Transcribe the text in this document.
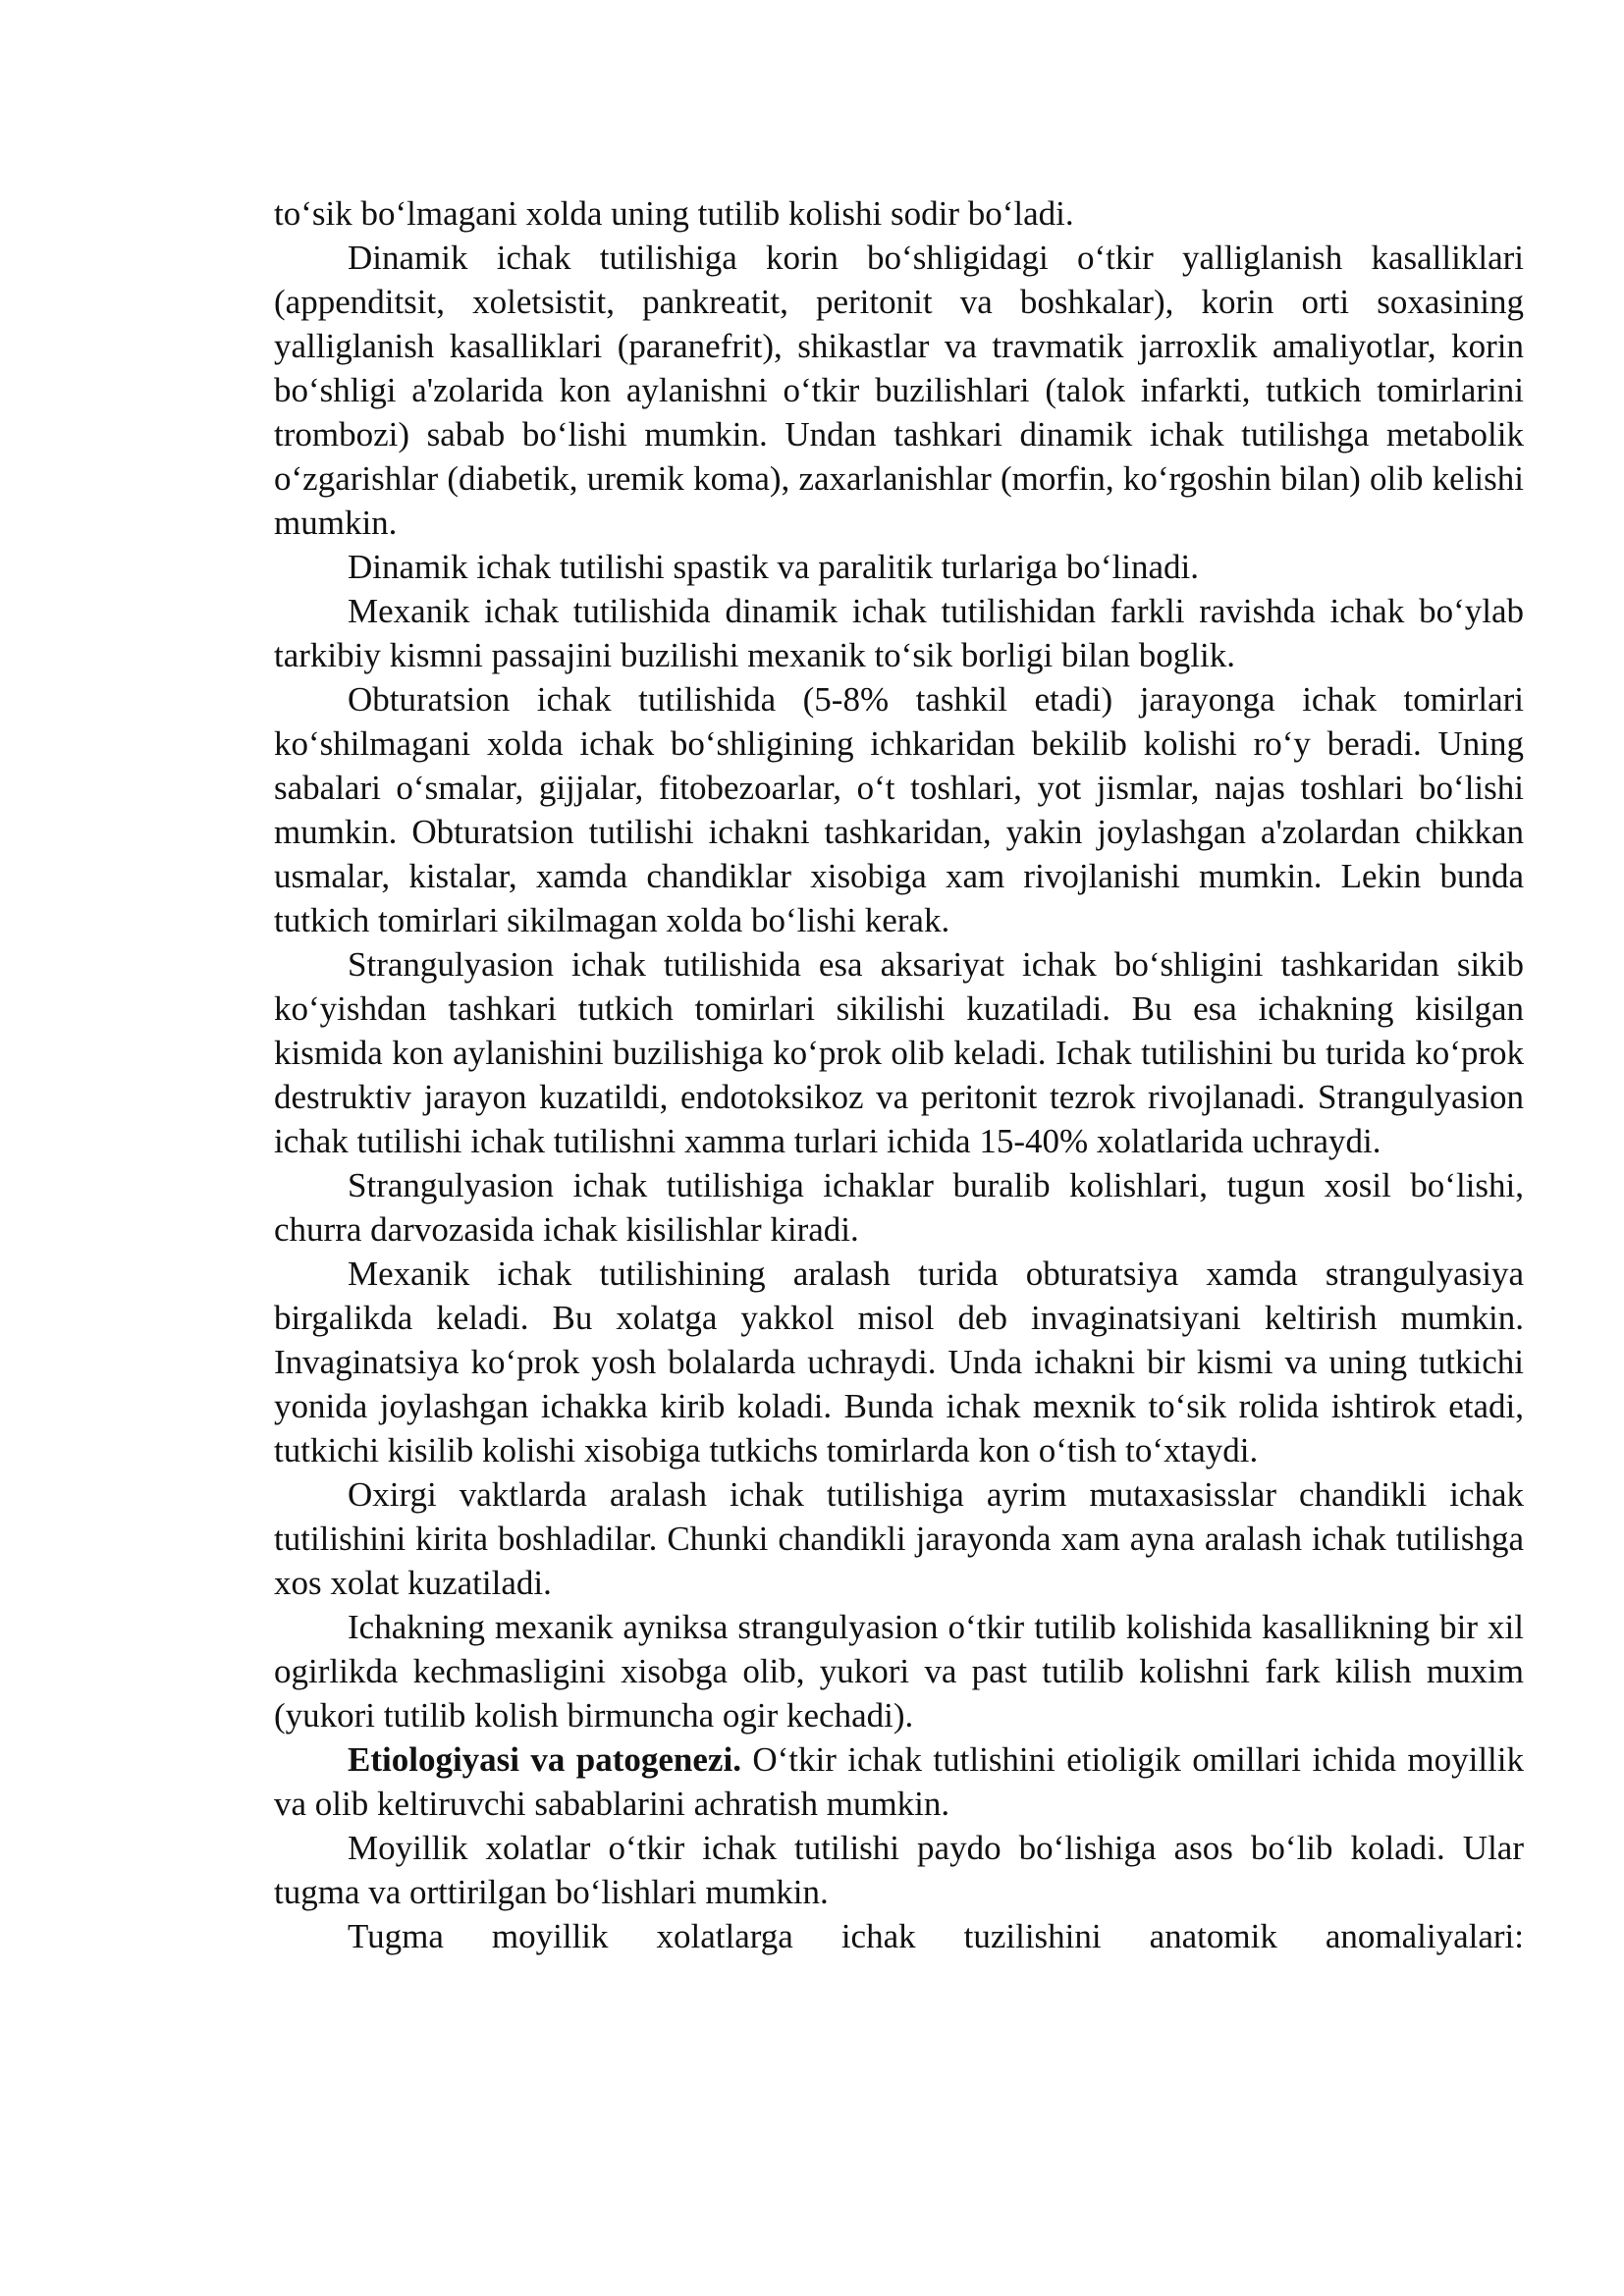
to‘sik bo‘lmagani xolda uning tutilib kolishi sodir bo‘ladi.

Dinamik ichak tutilishiga korin bo‘shligidagi o‘tkir yalliglanish kasalliklari (appenditsit, xoletsistit, pankreatit, peritonit va boshkalar), korin orti soxasining yalliglanish kasalliklari (paranefrit), shikastlar va travmatik jarroxlik amaliyotlar, korin bo‘shligi a'zolarida kon aylanishni o‘tkir buzilishlari (talok infarkti, tutkich tomirlarini trombozi) sabab bo‘lishi mumkin. Undan tashkari dinamik ichak tutilishga metabolik o‘zgarishlar (diabetik, uremik koma), zaxarlanishlar (morfin, ko‘rgoshin bilan) olib kelishi mumkin.

Dinamik ichak tutilishi spastik va paralitik turlariga bo‘linadi.

Mexanik ichak tutilishida dinamik ichak tutilishidan farkli ravishda ichak bo‘ylab tarkibiy kismni passajini buzilishi mexanik to‘sik borligi bilan boglik.

Obturatsion ichak tutilishida (5-8% tashkil etadi) jarayonga ichak tomirlari ko‘shilmagani xolda ichak bo‘shligining ichkaridan bekilib kolishi ro‘y beradi. Uning sabalari o‘smalar, gijjalar, fitobezoarlar, o‘t toshlari, yot jismlar, najas toshlari bo‘lishi mumkin. Obturatsion tutilishi ichakni tashkaridan, yakin joylashgan a'zolardan chikkan usmalar, kistalar, xamda chandiklar xisobiga xam rivojlanishi mumkin. Lekin bunda tutkich tomirlari sikilmagan xolda bo‘lishi kerak.

Strangulyasion ichak tutilishida esa aksariyat ichak bo‘shligini tashkaridan sikib ko‘yishdan tashkari tutkich tomirlari sikilishi kuzatiladi. Bu esa ichakning kisilgan kismida kon aylanishini buzilishiga ko‘prok olib keladi. Ichak tutilishini bu turida ko‘prok destruktiv jarayon kuzatildi, endotoksikoz va peritonit tezrok rivojlanadi. Strangulyasion ichak tutilishi ichak tutilishni xamma turlari ichida 15-40% xolatlarida uchraydi.

Strangulyasion ichak tutilishiga ichaklar buralib kolishlari, tugun xosil bo‘lishi, churra darvozasida ichak kisilishlar kiradi.

Mexanik ichak tutilishining aralash turida obturatsiya xamda strangulyasiya birgalikda keladi. Bu xolatga yakkol misol deb invaginatsiyani keltirish mumkin. Invaginatsiya ko‘prok yosh bolalarda uchraydi. Unda ichakni bir kismi va uning tutkichi yonida joylashgan ichakka kirib koladi. Bunda ichak mexnik to‘sik rolida ishtirok etadi, tutkichi kisilib kolishi xisobiga tutkichs tomirlarda kon o‘tish to‘xtaydi.

Oxirgi vaktlarda aralash ichak tutilishiga ayrim mutaxasisslar chandikli ichak tutilishini kirita boshladilar. Chunki chandikli jarayonda xam ayna aralash ichak tutilishga xos xolat kuzatiladi.

Ichakning mexanik ayniksa strangulyasion o‘tkir tutilib kolishida kasallikning bir xil ogirlikda kechmasligini xisobga olib, yukori va past tutilib kolishni fark kilish muxim (yukori tutilib kolish birmuncha ogir kechadi).

Etiologiyasi va patogenezi. O‘tkir ichak tutlishini etioligik omillari ichida moyillik va olib keltiruvchi sabablarini achratish mumkin.

Moyillik xolatlar o‘tkir ichak tutilishi paydo bo‘lishiga asos bo‘lib koladi. Ular tugma va orttirilgan bo‘lishlari mumkin.

Tugma moyillik xolatlarga ichak tuzilishini anatomik anomaliyalari:
